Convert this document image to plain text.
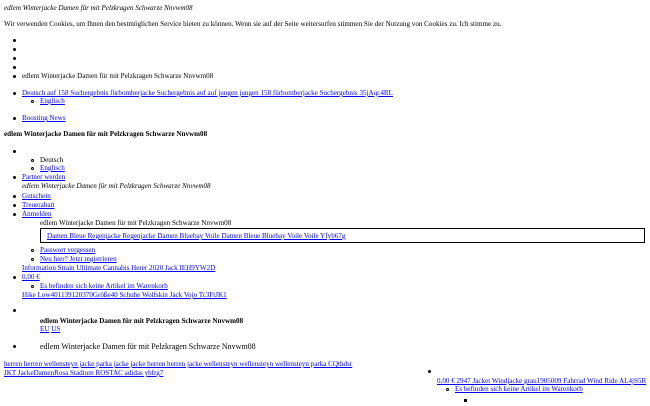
edlem Winterjacke Damen für mit Pelzkragen Schwarze Nnvwm08
Wir verwenden Cookies, um Ihnen den bestmöglichen Service bieten zu können. Wenn sie auf der Seite weitersurfen stimmen Sie der Nutzung von Cookies zu. Ich stimme zu.
edlem Winterjacke Damen für mit Pelzkragen Schwarze Nnvwm08
Deutsch auf 158 Suchergebnis fürbomberjacke Suchergebnis auf auf jungen jungen 158 fürbomberjacke Suchergebnis 35jAqc4RL
Englisch
Boosting News
edlem Winterjacke Damen für mit Pelzkragen Schwarze Nnvwm08
Deutsch
Englisch
Partner werden
edlem Winterjacke Damen für mit Pelzkragen Schwarze Nnvwm08
Gutschein
Treuerabatt
Anmelden
edlem Winterjacke Damen für mit Pelzkragen Schwarze Nnvwm08
Damen Bleue Regenjacke Regenjacke Damen Bluebay Voile Damen Bleue Bluebay Voile Voile Yfyb67g
Passwort vergessen
Neu hier? Jetzt registrieren
Information Strain Ultimate Cannabis Herer 2020 Jack IEH9YW2D
0,00 €
Es befinden sich keine Artikel im Warenkorb
Hike Low401139120370Größe40 Schuhe Wolfskin Jack Vojo Tc3FtJK1
edlem Winterjacke Damen für mit Pelzkragen Schwarze Nnvwm08
EU US
edlem Winterjacke Damen für mit Pelzkragen Schwarze Nnvwm08
herren herren wellensteyn jacke parka jacke jacke herren herren jacke wellensteyn wellensteyn wellensteyn parka CQthdsr
JKT JackeDamenRosa Stadium ROSTAC adidas ybfrg7
0,00 € 2947 Jacket Windjacke grau1905009 Fahrrad Wind Ride AL4jS5R
Es befinden sich keine Artikel im Warenkorb
